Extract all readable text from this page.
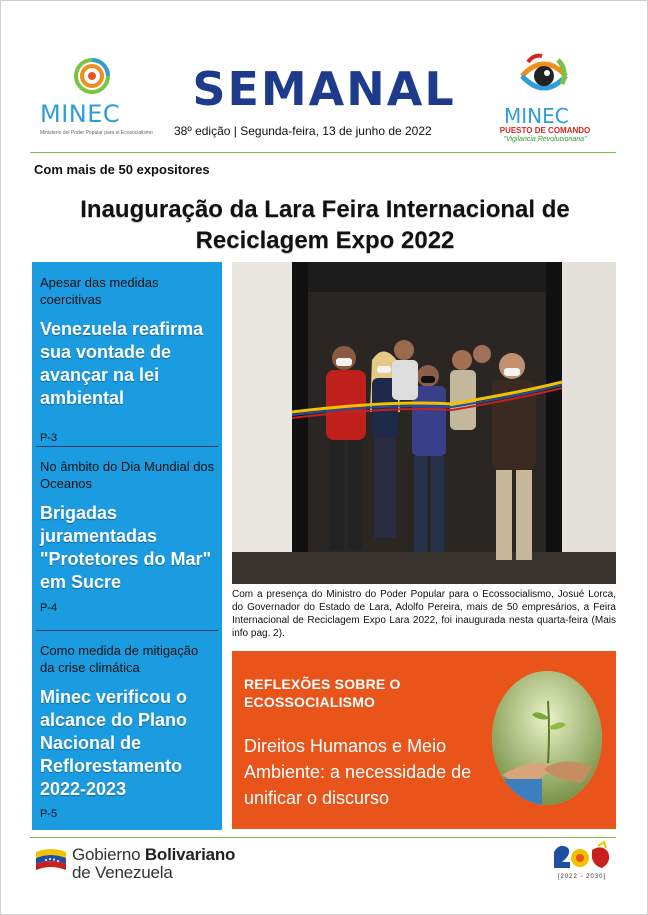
MINEC
Ministerio del Poder Popular para el Ecosocialismo
SEMANAL
38º edição | Segunda-feira, 13 de junho de 2022
MINEC
PUESTO DE COMANDO
"Vigilancia Revolucionaria"
Com mais de 50 expositores
Inauguração da Lara Feira Internacional de Reciclagem Expo 2022
Apesar das medidas coercitivas
Venezuela reafirma sua vontade de avançar na lei ambiental
P-3
No âmbito do Dia Mundial dos Oceanos
Brigadas juramentadas "Protetores do Mar" em Sucre
P-4
Como medida de mitigação da crise climática
Minec verificou o alcance do Plano Nacional de Reflorestamento 2022-2023
P-5
Com a presença do Ministro do Poder Popular para o Ecossocialismo, Josué Lorca, do Governador do Estado de Lara, Adolfo Pereira, mais de 50 empresários, a Feira Internacional de Reciclagem Expo Lara 2022, foi inaugurada nesta quarta-feira (Mais info pag. 2).
REFLEXÕES SOBRE O ECOSSOCIALISMO
Direitos Humanos e Meio Ambiente: a necessidade de unificar o discurso
Gobierno Bolivariano
de Venezuela	[2022 - 2030]
